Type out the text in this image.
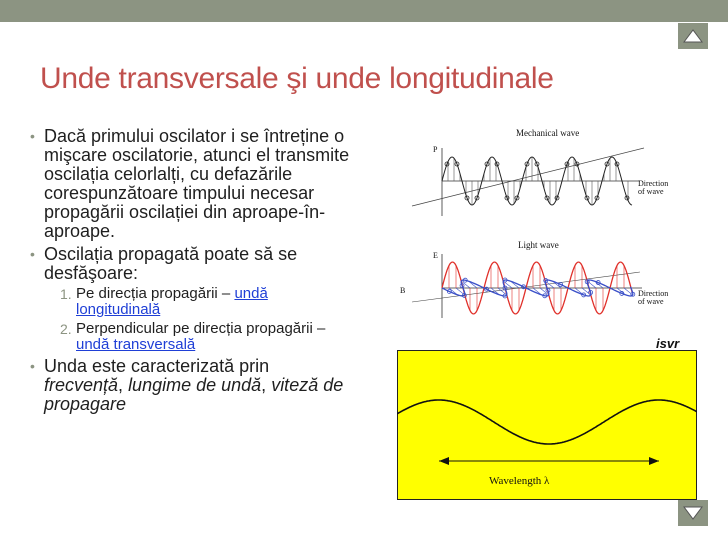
Unde transversale şi unde longitudinale
• Dacă primului oscilator i se întreține o mişcare oscilatorie, atunci el transmite oscilația celorlalți, cu defazările corespunzătoare timpului necesar propagării oscilației din aproape-în-aproape.
• Oscilația propagată poate să se desfăşoare:
1. Pe direcția propagării – undă longitudinală
2. Perpendicular pe direcția propagării – undă transversală
• Unda este caracterizată prin frecvență, lungime de undă, viteză de propagare
Mechanical wave
P
Direction
of wave
Light wave
E
B	Direction
of wave
isvr
Wavelength λ
